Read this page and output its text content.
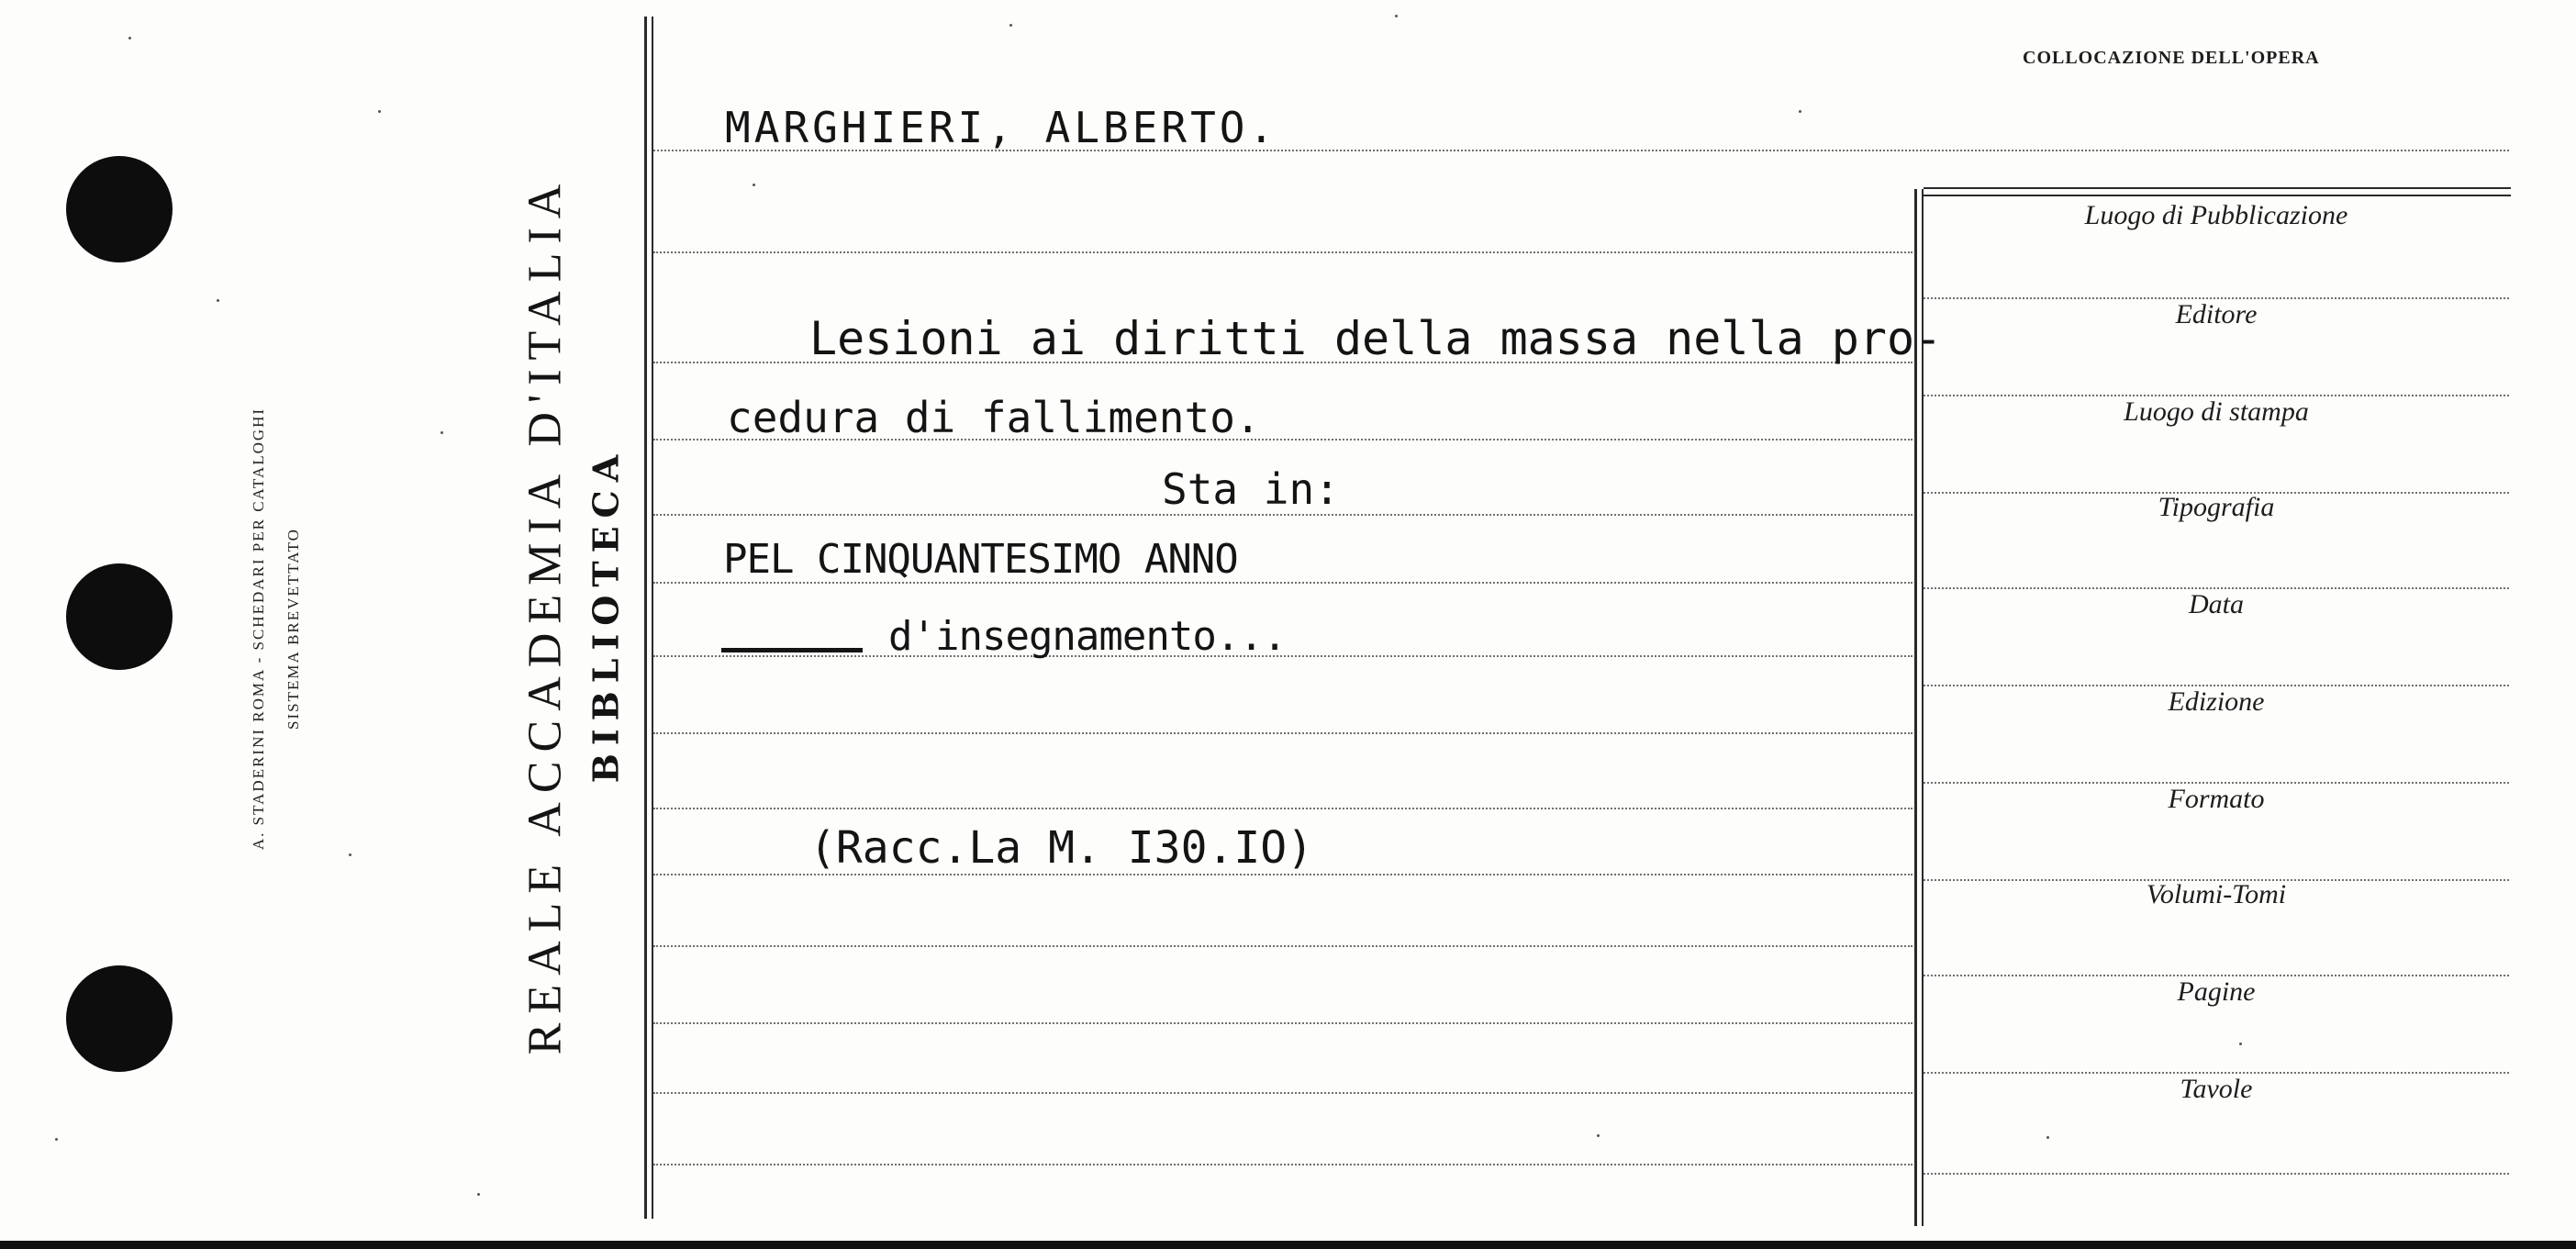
A. STADERINI ROMA - SCHEDARI PER CATALOGHI SISTEMA BREVETTATO	REALE ACCADEMIA D'ITALIA BIBLIOTECA
COLLOCAZIONE DELL'OPERA
Luogo di Pubblicazione
Editore
Luogo di stampa
Tipografia
Data
Edizione
Formato
Volumi-Tomi
Pagine
Tavole
MARGHIERI, ALBERTO.
Lesioni ai diritti della massa nella pro-
cedura di fallimento.
Sta in:
PEL CINQUANTESIMO ANNO
d'insegnamento...
(Racc.La M. I30.IO)
